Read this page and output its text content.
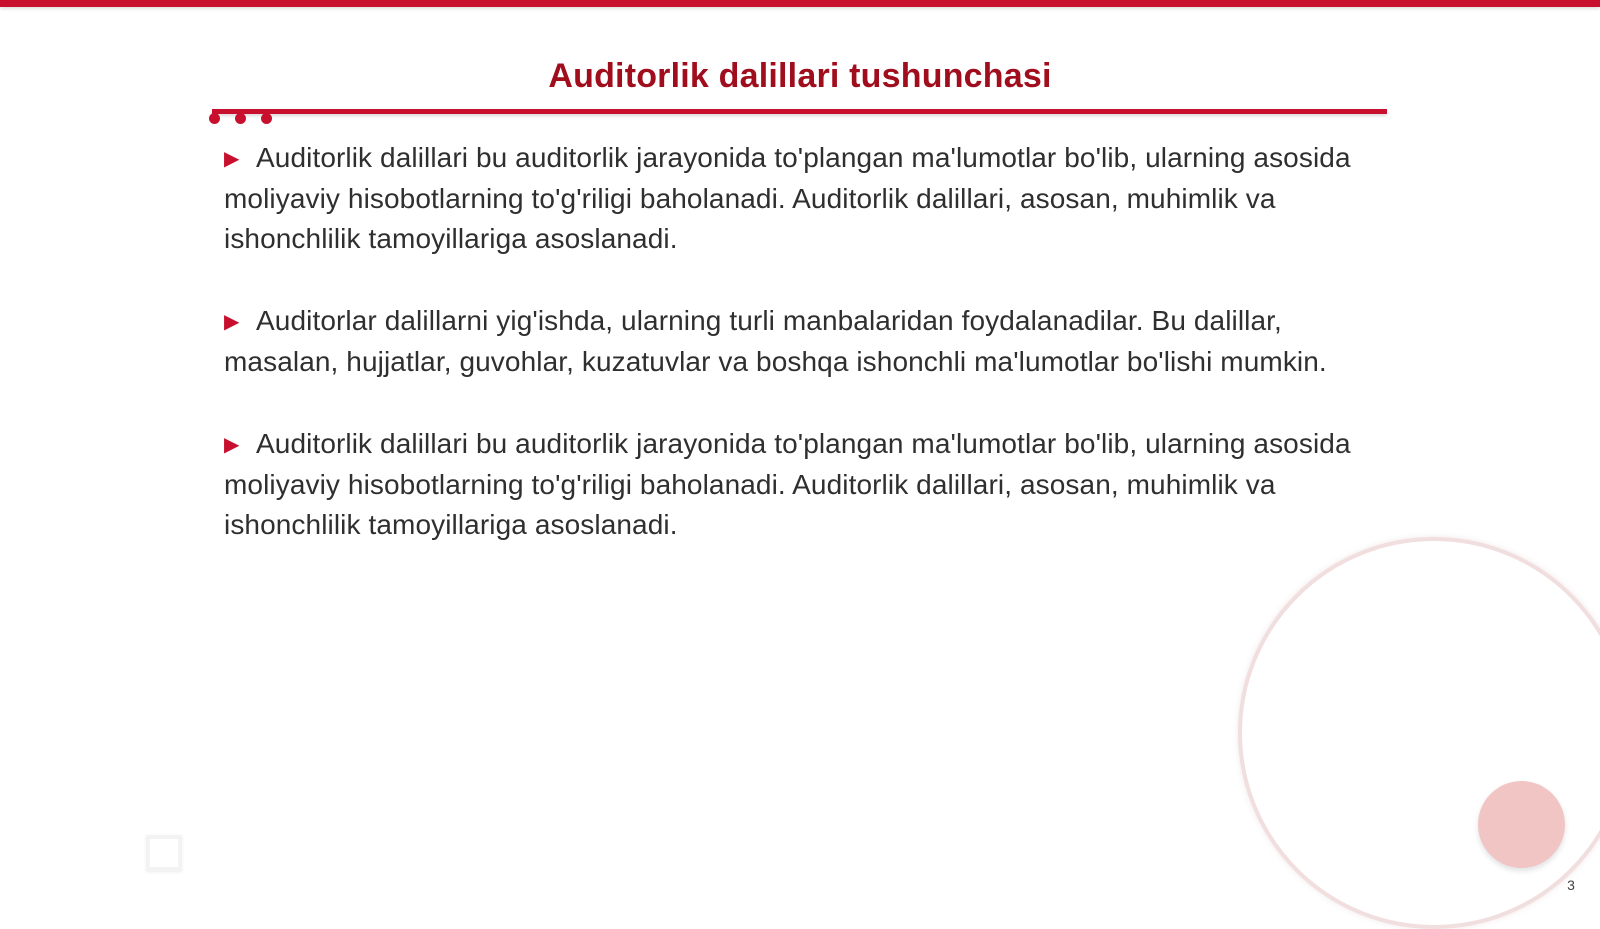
Auditorlik dalillari tushunchasi

▶ Auditorlik dalillari bu auditorlik jarayonida to'plangan ma'lumotlar bo'lib, ularning asosida moliyaviy hisobotlarning to'g'riligi baholanadi. Auditorlik dalillari, asosan, muhimlik va ishonchlilik tamoyillariga asoslanadi.

▶ Auditorlar dalillarni yig'ishda, ularning turli manbalaridan foydalanadilar. Bu dalillar, masalan, hujjatlar, guvohlar, kuzatuvlar va boshqa ishonchli ma'lumotlar bo'lishi mumkin.

▶ Auditorlik dalillari bu auditorlik jarayonida to'plangan ma'lumotlar bo'lib, ularning asosida moliyaviy hisobotlarning to'g'riligi baholanadi. Auditorlik dalillari, asosan, muhimlik va ishonchlilik tamoyillariga asoslanadi.

3
